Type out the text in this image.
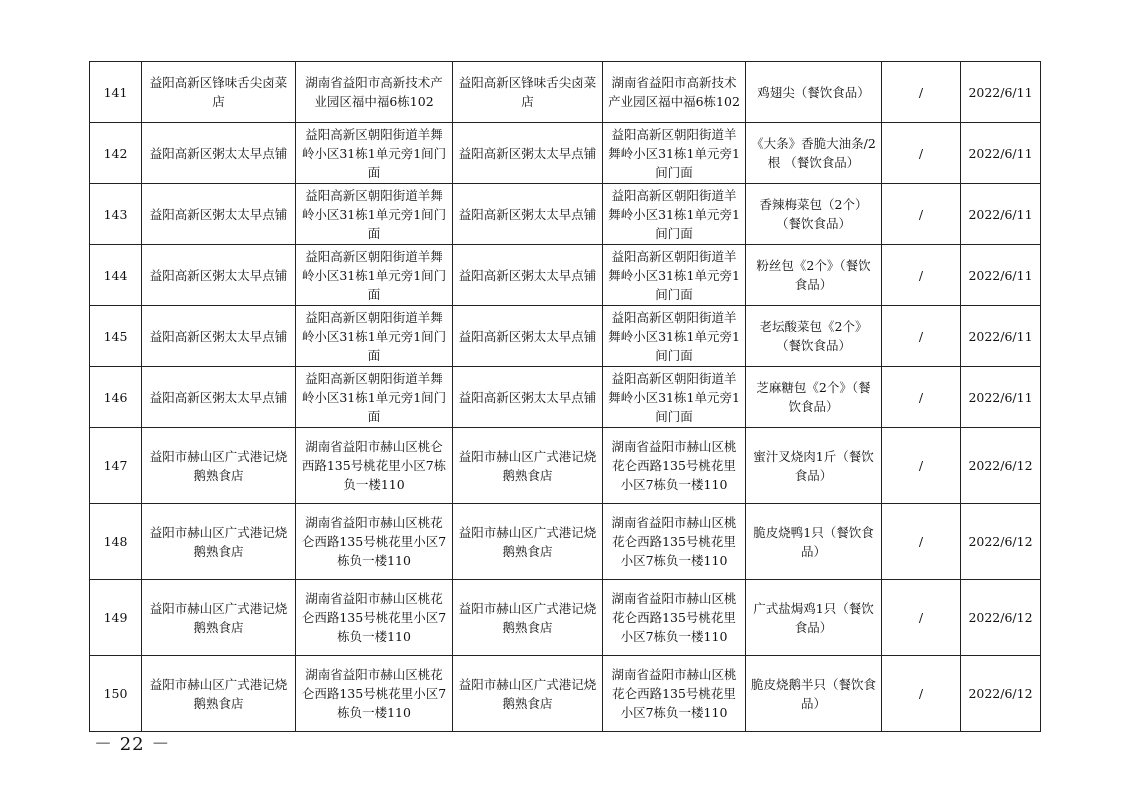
141	益阳高新区锋味舌尖卤菜店	湖南省益阳市高新技术产业园区福中福6栋102	益阳高新区锋味舌尖卤菜店	湖南省益阳市高新技术产业园区福中福6栋102	鸡翅尖（餐饮食品）	/	2022/6/11
142	益阳高新区粥太太早点铺	益阳高新区朝阳街道羊舞岭小区31栋1单元旁1间门面	益阳高新区粥太太早点铺	益阳高新区朝阳街道羊舞岭小区31栋1单元旁1间门面	《大条》香脆大油条/2根 （餐饮食品）	/	2022/6/11
143	益阳高新区粥太太早点铺	益阳高新区朝阳街道羊舞岭小区31栋1单元旁1间门面	益阳高新区粥太太早点铺	益阳高新区朝阳街道羊舞岭小区31栋1单元旁1间门面	香辣梅菜包（2个）（餐饮食品）	/	2022/6/11
144	益阳高新区粥太太早点铺	益阳高新区朝阳街道羊舞岭小区31栋1单元旁1间门面	益阳高新区粥太太早点铺	益阳高新区朝阳街道羊舞岭小区31栋1单元旁1间门面	粉丝包《2个》（餐饮食品）	/	2022/6/11
145	益阳高新区粥太太早点铺	益阳高新区朝阳街道羊舞岭小区31栋1单元旁1间门面	益阳高新区粥太太早点铺	益阳高新区朝阳街道羊舞岭小区31栋1单元旁1间门面	老坛酸菜包《2个》（餐饮食品）	/	2022/6/11
146	益阳高新区粥太太早点铺	益阳高新区朝阳街道羊舞岭小区31栋1单元旁1间门面	益阳高新区粥太太早点铺	益阳高新区朝阳街道羊舞岭小区31栋1单元旁1间门面	芝麻糖包《2个》（餐饮食品）	/	2022/6/11
147	益阳市赫山区广式港记烧鹅熟食店	湖南省益阳市赫山区桃仑西路135号桃花里小区7栋负一楼110	益阳市赫山区广式港记烧鹅熟食店	湖南省益阳市赫山区桃花仑西路135号桃花里小区7栋负一楼110	蜜汁叉烧肉1斤（餐饮食品）	/	2022/6/12
148	益阳市赫山区广式港记烧鹅熟食店	湖南省益阳市赫山区桃花仑西路135号桃花里小区7栋负一楼110	益阳市赫山区广式港记烧鹅熟食店	湖南省益阳市赫山区桃花仑西路135号桃花里小区7栋负一楼110	脆皮烧鸭1只（餐饮食品）	/	2022/6/12
149	益阳市赫山区广式港记烧鹅熟食店	湖南省益阳市赫山区桃花仑西路135号桃花里小区7栋负一楼110	益阳市赫山区广式港记烧鹅熟食店	湖南省益阳市赫山区桃花仑西路135号桃花里小区7栋负一楼110	广式盐焗鸡1只（餐饮食品）	/	2022/6/12
150	益阳市赫山区广式港记烧鹅熟食店	湖南省益阳市赫山区桃花仑西路135号桃花里小区7栋负一楼110	益阳市赫山区广式港记烧鹅熟食店	湖南省益阳市赫山区桃花仑西路135号桃花里小区7栋负一楼110	脆皮烧鹅半只（餐饮食品）	/	2022/6/12
－ 22 －
